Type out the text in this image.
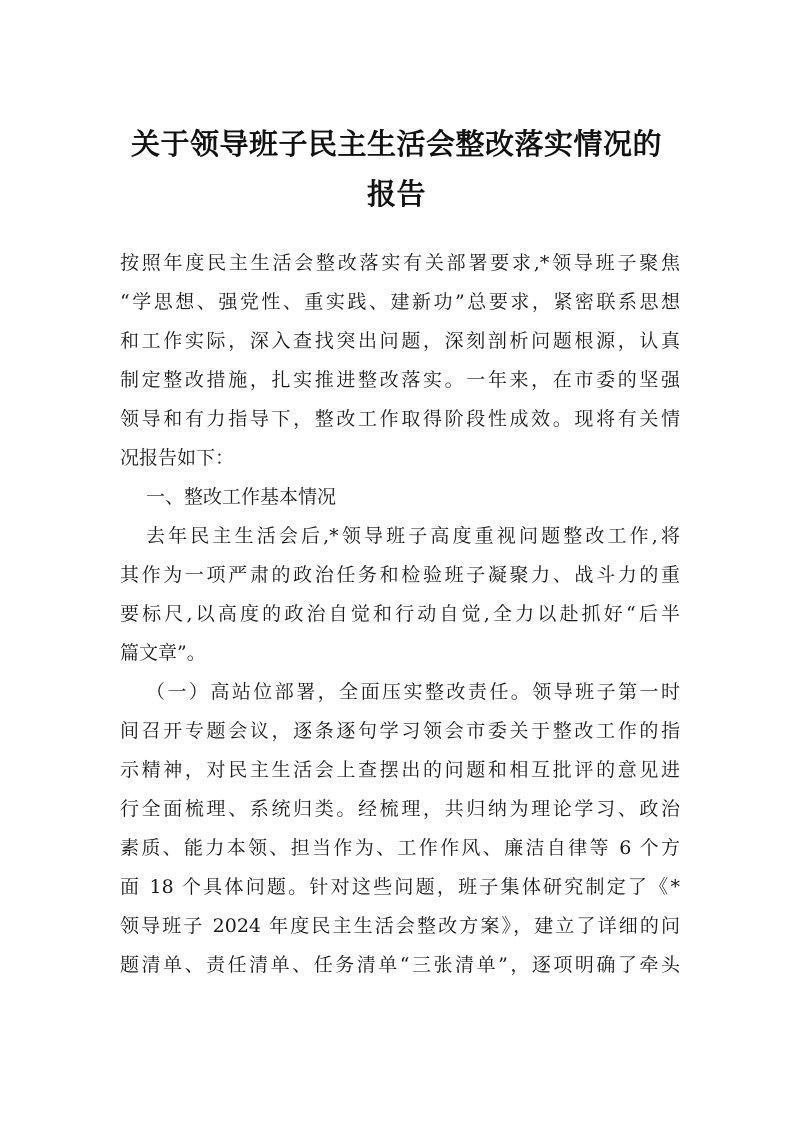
关于领导班子民主生活会整改落实情况的
报告
按照年度民主生活会整改落实有关部署要求,*领导班子聚焦
“学思想、强党性、重实践、建新功”总要求，紧密联系思想
和工作实际，深入查找突出问题，深刻剖析问题根源，认真
制定整改措施，扎实推进整改落实。一年来，在市委的坚强
领导和有力指导下，整改工作取得阶段性成效。现将有关情
况报告如下：
一、整改工作基本情况
去年民主生活会后,*领导班子高度重视问题整改工作,将
其作为一项严肃的政治任务和检验班子凝聚力、战斗力的重
要标尺,以高度的政治自觉和行动自觉,全力以赴抓好“后半
篇文章”。
（一）高站位部署，全面压实整改责任。领导班子第一时
间召开专题会议，逐条逐句学习领会市委关于整改工作的指
示精神，对民主生活会上查摆出的问题和相互批评的意见进
行全面梳理、系统归类。经梳理，共归纳为理论学习、政治
素质、能力本领、担当作为、工作作风、廉洁自律等 6 个方
面 18 个具体问题。针对这些问题，班子集体研究制定了《*
领导班子 2024 年度民主生活会整改方案》，建立了详细的问
题清单、责任清单、任务清单“三张清单”，逐项明确了牵头
